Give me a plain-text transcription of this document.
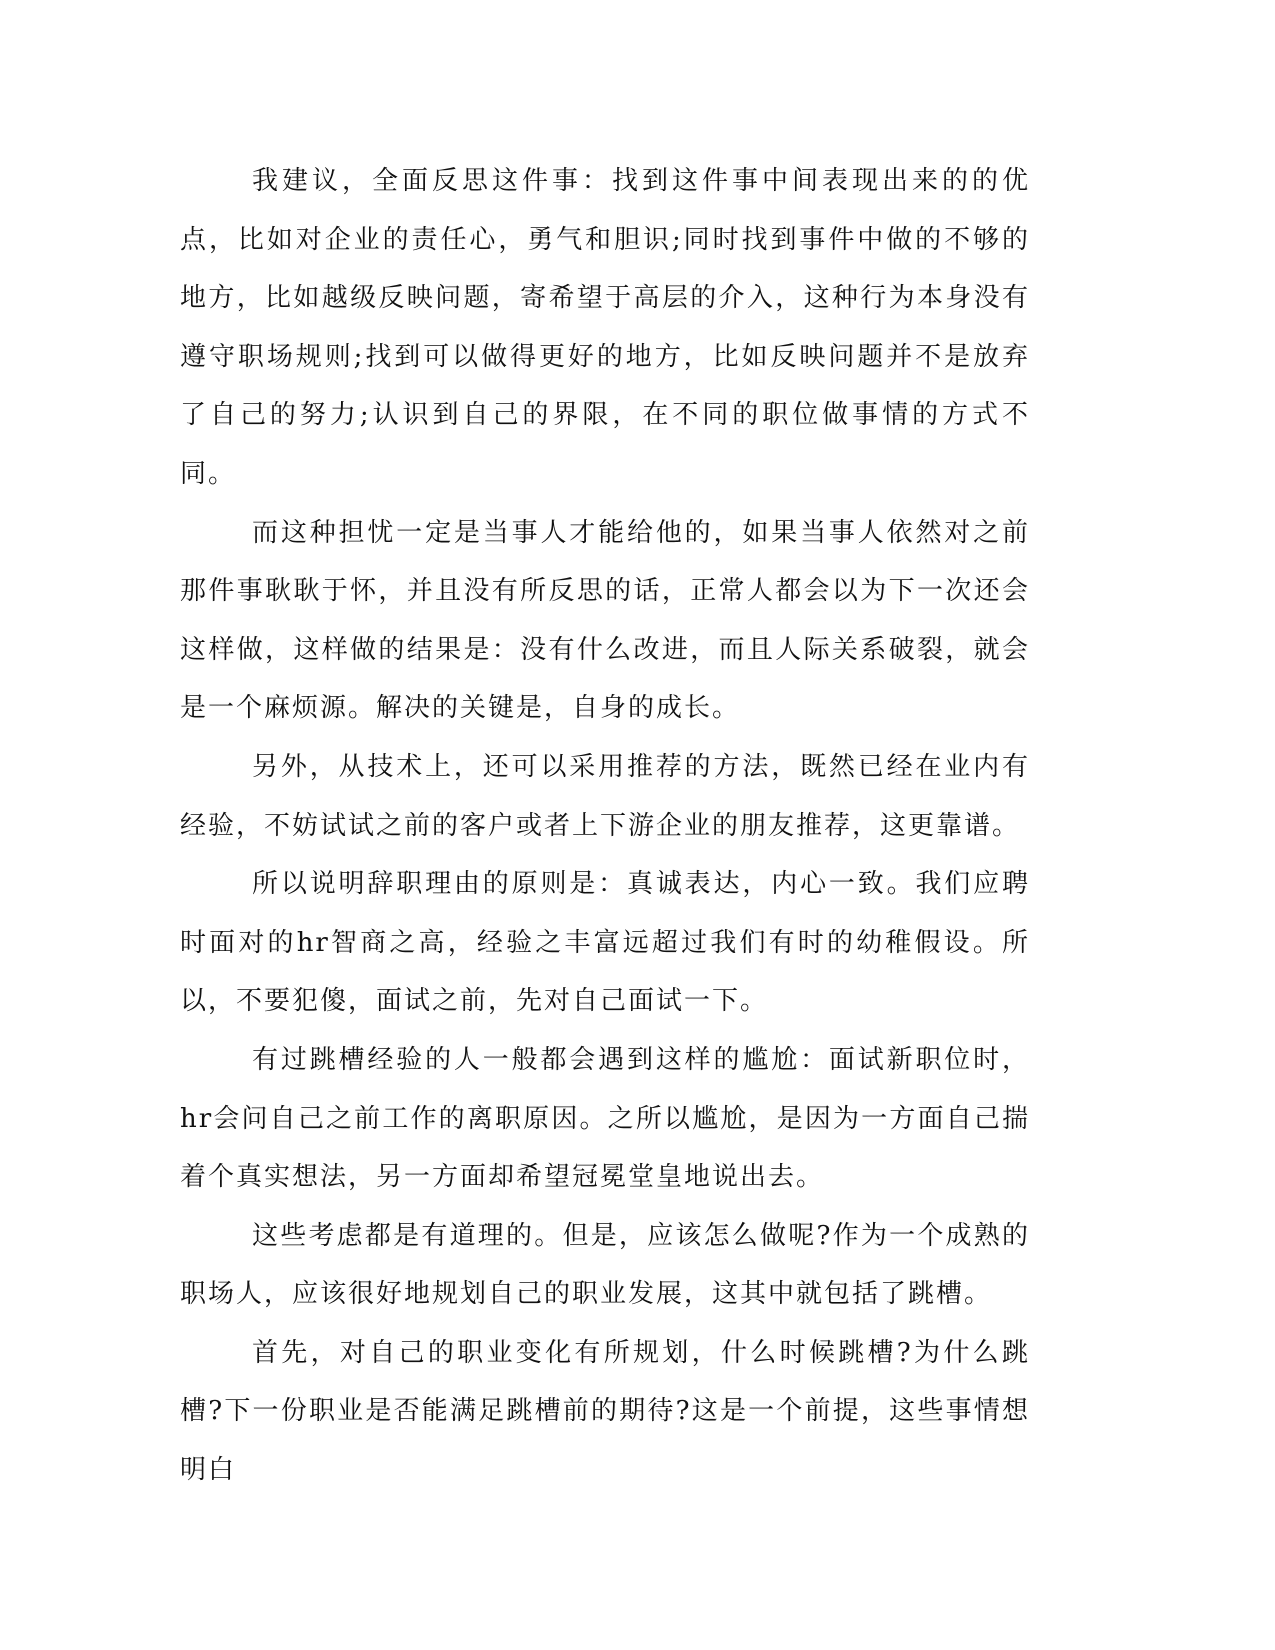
我建议，全面反思这件事：找到这件事中间表现出来的的优点，比如对企业的责任心，勇气和胆识;同时找到事件中做的不够的地方，比如越级反映问题，寄希望于高层的介入，这种行为本身没有遵守职场规则;找到可以做得更好的地方，比如反映问题并不是放弃了自己的努力;认识到自己的界限，在不同的职位做事情的方式不同。

而这种担忧一定是当事人才能给他的，如果当事人依然对之前那件事耿耿于怀，并且没有所反思的话，正常人都会以为下一次还会这样做，这样做的结果是：没有什么改进，而且人际关系破裂，就会是一个麻烦源。解决的关键是，自身的成长。

另外，从技术上，还可以采用推荐的方法，既然已经在业内有经验，不妨试试之前的客户或者上下游企业的朋友推荐，这更靠谱。

所以说明辞职理由的原则是：真诚表达，内心一致。我们应聘时面对的hr智商之高，经验之丰富远超过我们有时的幼稚假设。所以，不要犯傻，面试之前，先对自己面试一下。

有过跳槽经验的人一般都会遇到这样的尴尬：面试新职位时，hr会问自己之前工作的离职原因。之所以尴尬，是因为一方面自己揣着个真实想法，另一方面却希望冠冕堂皇地说出去。

这些考虑都是有道理的。但是，应该怎么做呢?作为一个成熟的职场人，应该很好地规划自己的职业发展，这其中就包括了跳槽。

首先，对自己的职业变化有所规划，什么时候跳槽?为什么跳槽?下一份职业是否能满足跳槽前的期待?这是一个前提，这些事情想明白
